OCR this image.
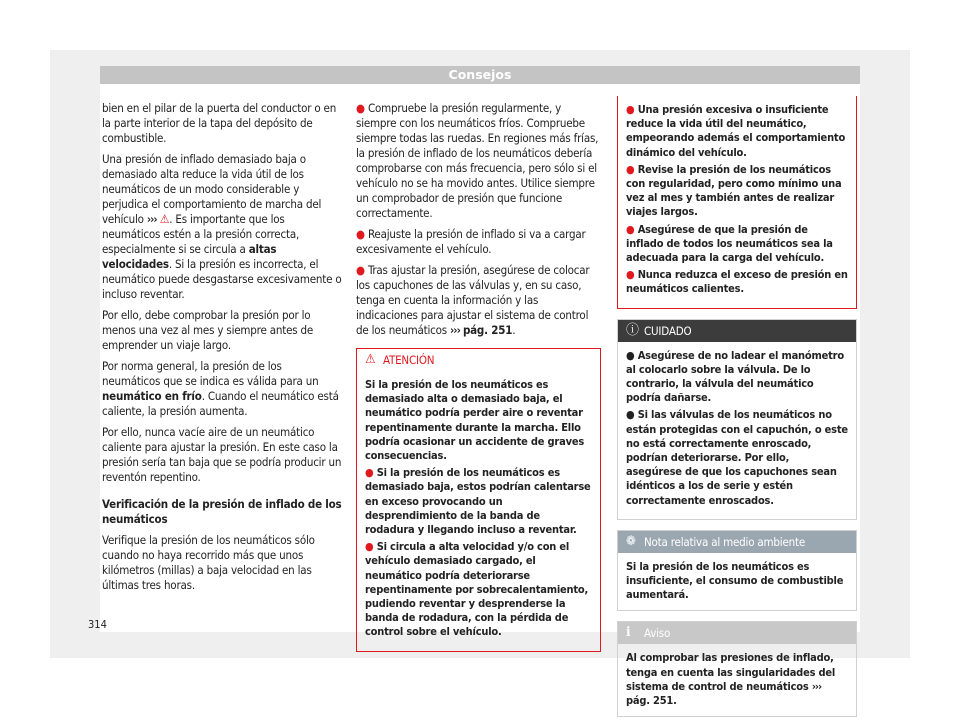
Consejos

bien en el pilar de la puerta del conductor o en la parte interior de la tapa del depósito de combustible.

Una presión de inflado demasiado baja o demasiado alta reduce la vida útil de los neumáticos de un modo considerable y perjudica el comportamiento de marcha del vehículo ››› ⚠. Es importante que los neumáticos estén a la presión correcta, especialmente si se circula a altas velocidades. Si la presión es incorrecta, el neumático puede desgastarse excesivamente o incluso reventar.

Por ello, debe comprobar la presión por lo menos una vez al mes y siempre antes de emprender un viaje largo.

Por norma general, la presión de los neumáticos que se indica es válida para un neumático en frío. Cuando el neumático está caliente, la presión aumenta.

Por ello, nunca vacíe aire de un neumático caliente para ajustar la presión. En este caso la presión sería tan baja que se podría producir un reventón repentino.

Verificación de la presión de inflado de los neumáticos

Verifique la presión de los neumáticos sólo cuando no haya recorrido más que unos kilómetros (millas) a baja velocidad en las últimas tres horas.

● Compruebe la presión regularmente, y siempre con los neumáticos fríos. Compruebe siempre todas las ruedas. En regiones más frías, la presión de inflado de los neumáticos debería comprobarse con más frecuencia, pero sólo si el vehículo no se ha movido antes. Utilice siempre un comprobador de presión que funcione correctamente.
● Reajuste la presión de inflado si va a cargar excesivamente el vehículo.
● Tras ajustar la presión, asegúrese de colocar los capuchones de las válvulas y, en su caso, tenga en cuenta la información y las indicaciones para ajustar el sistema de control de los neumáticos ››› pág. 251.
⚠ ATENCIÓN
Si la presión de los neumáticos es demasiado alta o demasiado baja, el neumático podría perder aire o reventar repentinamente durante la marcha. Ello podría ocasionar un accidente de graves consecuencias.
● Si la presión de los neumáticos es demasiado baja, estos podrían calentarse en exceso provocando un desprendimiento de la banda de rodadura y llegando incluso a reventar.
● Si circula a alta velocidad y/o con el vehículo demasiado cargado, el neumático podría deteriorarse repentinamente por sobrecalentamiento, pudiendo reventar y desprenderse la banda de rodadura, con la pérdida de control sobre el vehículo.
● Una presión excesiva o insuficiente reduce la vida útil del neumático, empeorando además el comportamiento dinámico del vehículo.
● Revise la presión de los neumáticos con regularidad, pero como mínimo una vez al mes y también antes de realizar viajes largos.
● Asegúrese de que la presión de inflado de todos los neumáticos sea la adecuada para la carga del vehículo.
● Nunca reduzca el exceso de presión en neumáticos calientes.
ⓘ CUIDADO
● Asegúrese de no ladear el manómetro al colocarlo sobre la válvula. De lo contrario, la válvula del neumático podría dañarse.
● Si las válvulas de los neumáticos no están protegidas con el capuchón, o este no está correctamente enroscado, podrían deteriorarse. Por ello, asegúrese de que los capuchones sean idénticos a los de serie y estén correctamente enroscados.
❁ Nota relativa al medio ambiente
Si la presión de los neumáticos es insuficiente, el consumo de combustible aumentará.
ℹ Aviso
Al comprobar las presiones de inflado, tenga en cuenta las singularidades del sistema de control de neumáticos ››› pág. 251.
314
